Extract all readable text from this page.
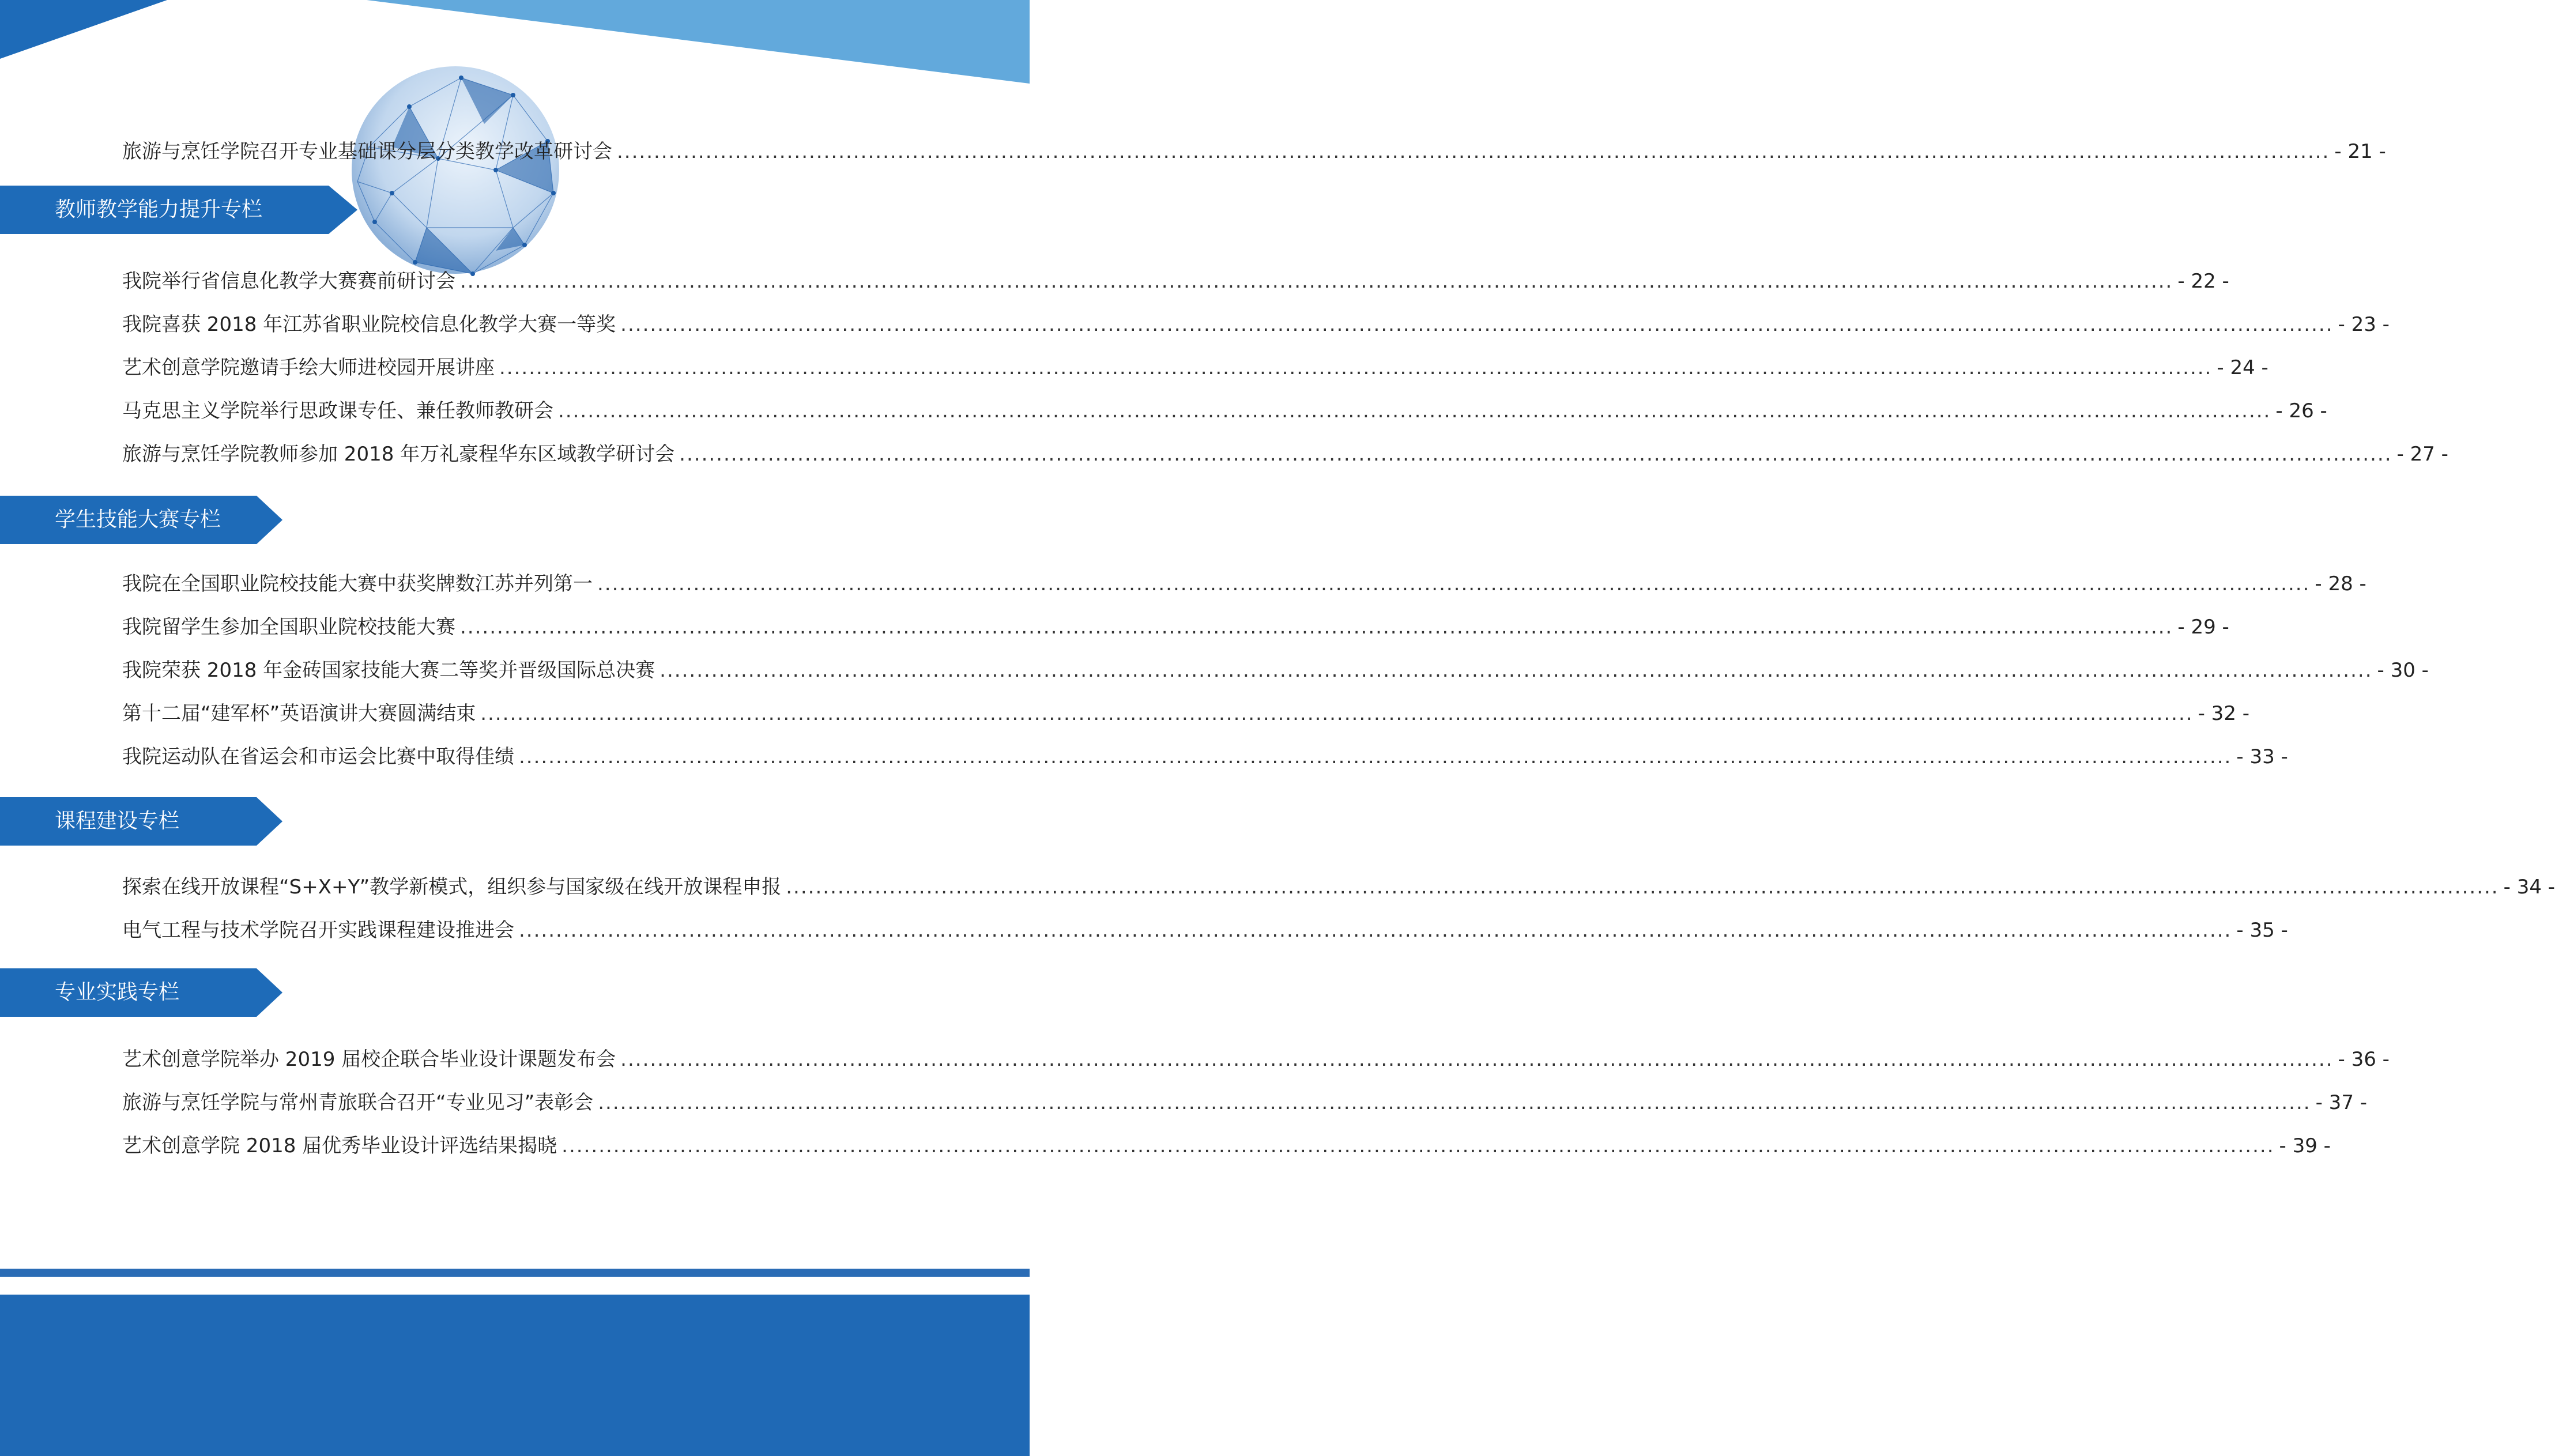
旅游与烹饪学院召开专业基础课分层分类教学改革研讨会 ........................................................................................................................................................................................................................................ - 21 -
教师教学能力提升专栏
我院举行省信息化教学大赛赛前研讨会 ........................................................................................................................................................................................................................................ - 22 -
我院喜获 2018 年江苏省职业院校信息化教学大赛一等奖 ........................................................................................................................................................................................................................................ - 23 -
艺术创意学院邀请手绘大师进校园开展讲座 ........................................................................................................................................................................................................................................ - 24 -
马克思主义学院举行思政课专任、兼任教师教研会 ........................................................................................................................................................................................................................................ - 26 -
旅游与烹饪学院教师参加 2018 年万礼豪程华东区域教学研讨会 ........................................................................................................................................................................................................................................ - 27 -
学生技能大赛专栏
我院在全国职业院校技能大赛中获奖牌数江苏并列第一 ........................................................................................................................................................................................................................................ - 28 -
我院留学生参加全国职业院校技能大赛 ........................................................................................................................................................................................................................................ - 29 -
我院荣获 2018 年金砖国家技能大赛二等奖并晋级国际总决赛 ........................................................................................................................................................................................................................................ - 30 -
第十二届“建军杯”英语演讲大赛圆满结束 ........................................................................................................................................................................................................................................ - 32 -
我院运动队在省运会和市运会比赛中取得佳绩 ........................................................................................................................................................................................................................................ - 33 -
课程建设专栏
探索在线开放课程“S+X+Y”教学新模式，组织参与国家级在线开放课程申报 ........................................................................................................................................................................................................................................ - 34 -
电气工程与技术学院召开实践课程建设推进会 ........................................................................................................................................................................................................................................ - 35 -
专业实践专栏
艺术创意学院举办 2019 届校企联合毕业设计课题发布会 ........................................................................................................................................................................................................................................ - 36 -
旅游与烹饪学院与常州青旅联合召开“专业见习”表彰会 ........................................................................................................................................................................................................................................ - 37 -
艺术创意学院 2018 届优秀毕业设计评选结果揭晓 ........................................................................................................................................................................................................................................ - 39 -
